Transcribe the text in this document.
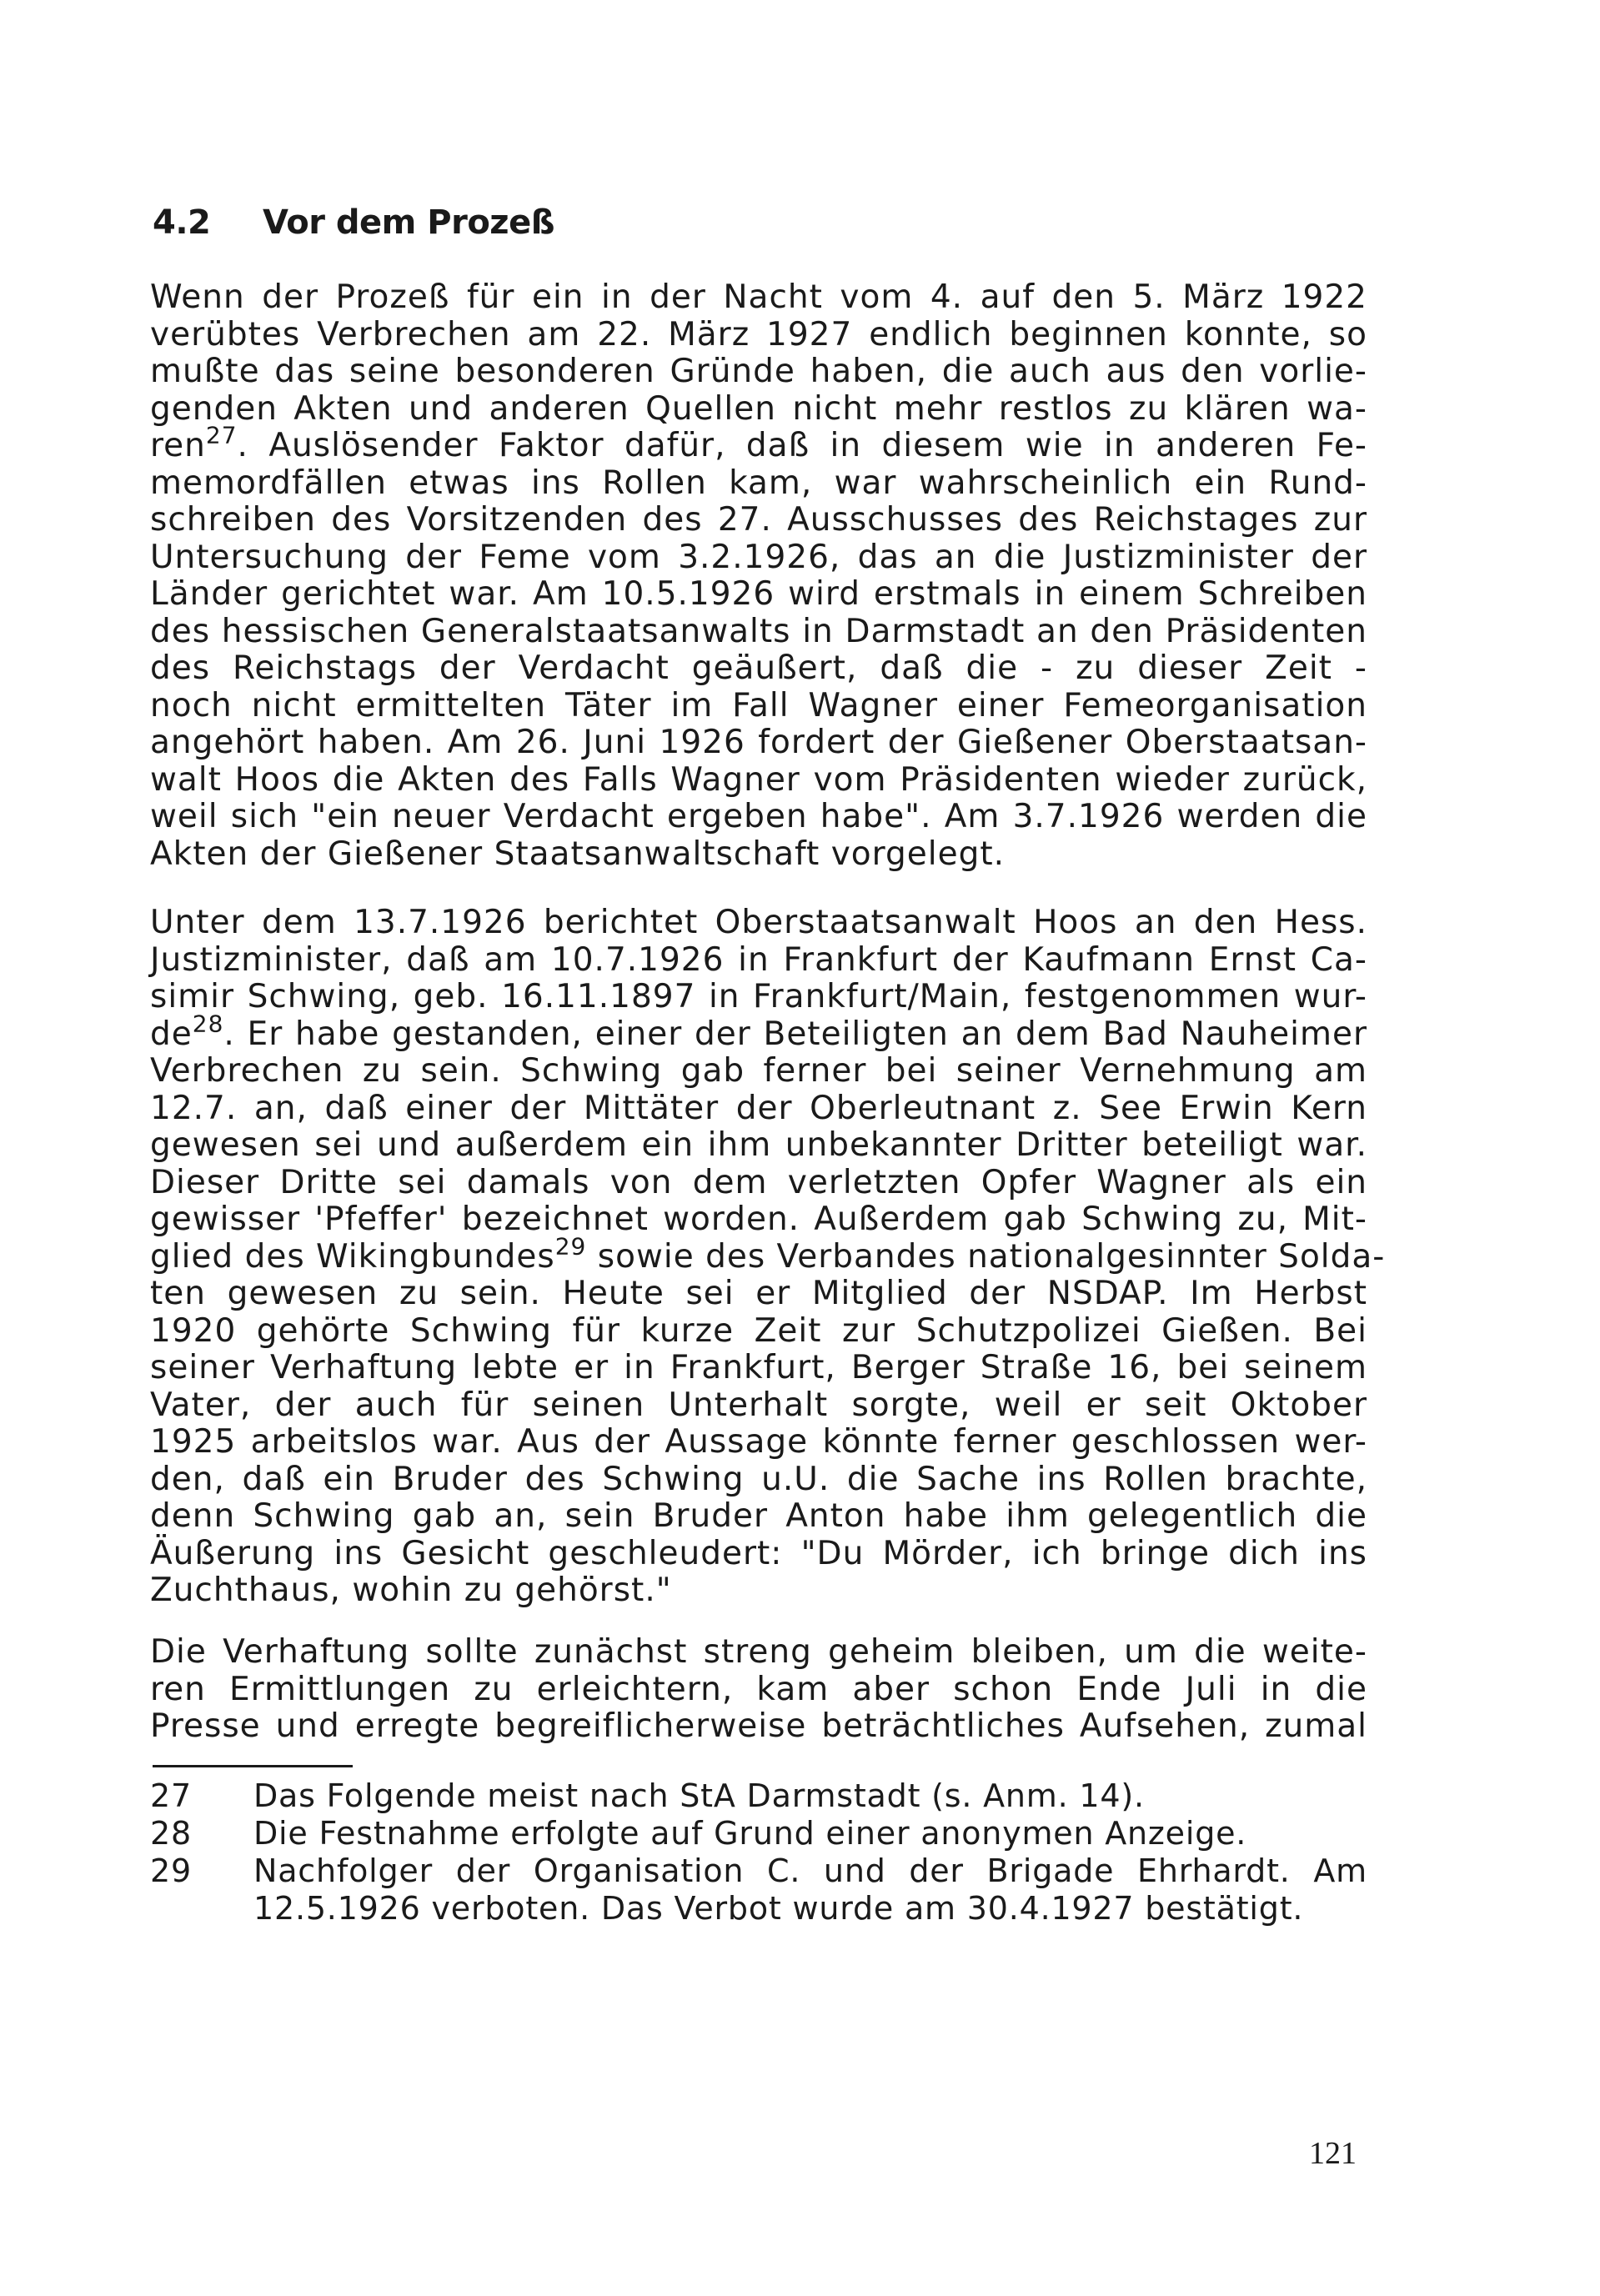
4.2 Vor dem Prozeß
Wenn der Prozeß für ein in der Nacht vom 4. auf den 5. März 1922
verübtes Verbrechen am 22. März 1927 endlich beginnen konnte, so
mußte das seine besonderen Gründe haben, die auch aus den vorlie-
genden Akten und anderen Quellen nicht mehr restlos zu klären wa-
ren$^{27}$. Auslösender Faktor dafür, daß in diesem wie in anderen Fe-
memordfällen etwas ins Rollen kam, war wahrscheinlich ein Rund-
schreiben des Vorsitzenden des 27. Ausschusses des Reichstages zur
Untersuchung der Feme vom 3.2.1926, das an die Justizminister der
Länder gerichtet war. Am 10.5.1926 wird erstmals in einem Schreiben
des hessischen Generalstaatsanwalts in Darmstadt an den Präsidenten
des Reichstags der Verdacht geäußert, daß die - zu dieser Zeit -
noch nicht ermittelten Täter im Fall Wagner einer Femeorganisation
angehört haben. Am 26. Juni 1926 fordert der Gießener Oberstaatsan-
walt Hoos die Akten des Falls Wagner vom Präsidenten wieder zurück,
weil sich "ein neuer Verdacht ergeben habe". Am 3.7.1926 werden die
Akten der Gießener Staatsanwaltschaft vorgelegt.
Unter dem 13.7.1926 berichtet Oberstaatsanwalt Hoos an den Hess.
Justizminister, daß am 10.7.1926 in Frankfurt der Kaufmann Ernst Ca-
simir Schwing, geb. 16.11.1897 in Frankfurt/Main, festgenommen wur-
$de^{28}$. Er habe gestanden, einer der Beteiligten an dem Bad Nauheimer
Verbrechen zu sein. Schwing gab ferner bei seiner Vernehmung am
12.7. an, daß einer der Mittäter der Oberleutnant z. See Erwin Kern
gewesen sei und außerdem ein ihm unbekannter Dritter beteiligt war.
Dieser Dritte sei damals von dem verletzten Opfer Wagner als ein
gewisser 'Pfeffer' bezeichnet worden. Außerdem gab Schwing zu, Mit-
glied des Wikingbundes$^{29}$ sowie des Verbandes nationalgesinnter Solda-
ten gewesen zu sein. Heute sei er Mitglied der NSDAP. Im Herbst
1920 gehörte Schwing für kurze Zeit zur Schutzpolizei Gießen. Bei
seiner Verhaftung lebte er in Frankfurt, Berger Straße 16, bei seinem
Vater, der auch für seinen Unterhalt sorgte, weil er seit Oktober
1925 arbeitslos war. Aus der Aussage könnte ferner geschlossen wer-
den, daß ein Bruder des Schwing u.U. die Sache ins Rollen brachte,
denn Schwing gab an, sein Bruder Anton habe ihm gelegentlich die
Äußerung ins Gesicht geschleudert: "Du Mörder, ich bringe dich ins
Zuchthaus, wohin zu gehörst."
Die Verhaftung sollte zunächst streng geheim bleiben, um die weite-
ren Ermittlungen zu erleichtern, kam aber schon Ende Juli in die
Presse und erregte begreiflicherweise beträchtliches Aufsehen, zumal
27 Das Folgende meist nach StA Darmstadt (s. Anm. 14).
28 Die Festnahme erfolgte auf Grund einer anonymen Anzeige.
29 Nachfolger der Organisation C. und der Brigade Ehrhardt. Am
12.5.1926 verboten. Das Verbot wurde am 30.4.1927 bestätigt.
121
